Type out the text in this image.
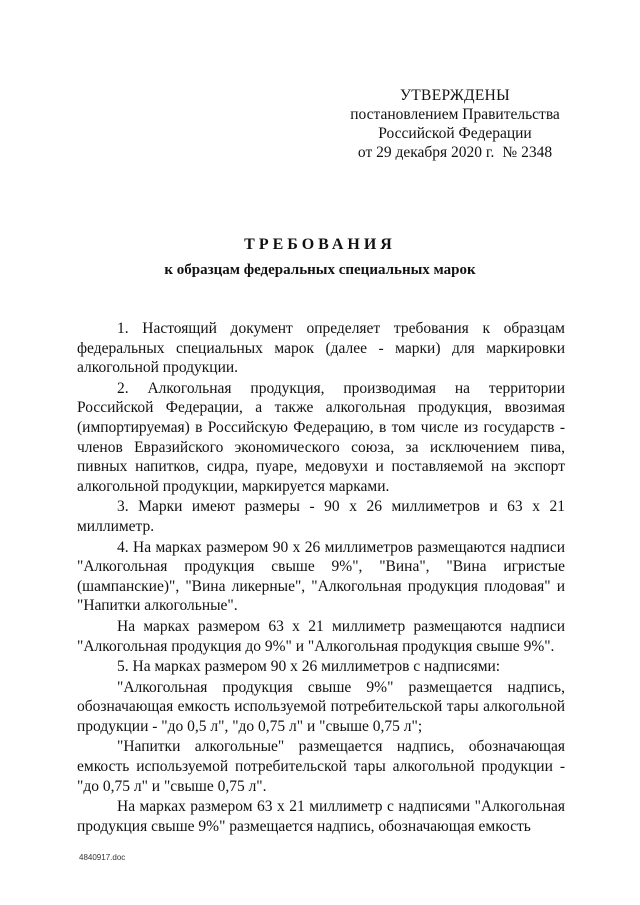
УТВЕРЖДЕНЫ
постановлением Правительства
Российской Федерации
от 29 декабря 2020 г. № 2348
ТРЕБОВАНИЯ
к образцам федеральных специальных марок

1. Настоящий документ определяет требования к образцам федеральных специальных марок (далее - марки) для маркировки алкогольной продукции.

2. Алкогольная продукция, производимая на территории Российской Федерации, а также алкогольная продукция, ввозимая (импортируемая) в Российскую Федерацию, в том числе из государств - членов Евразийского экономического союза, за исключением пива, пивных напитков, сидра, пуаре, медовухи и поставляемой на экспорт алкогольной продукции, маркируется марками.

3. Марки имеют размеры - 90 х 26 миллиметров и 63 х 21 миллиметр.

4. На марках размером 90 х 26 миллиметров размещаются надписи "Алкогольная продукция свыше 9%", "Вина", "Вина игристые (шампанские)", "Вина ликерные", "Алкогольная продукция плодовая" и "Напитки алкогольные".

На марках размером 63 х 21 миллиметр размещаются надписи "Алкогольная продукция до 9%" и "Алкогольная продукция свыше 9%".

5. На марках размером 90 х 26 миллиметров с надписями:

"Алкогольная продукция свыше 9%" размещается надпись, обозначающая емкость используемой потребительской тары алкогольной продукции - "до 0,5 л", "до 0,75 л" и "свыше 0,75 л";

"Напитки алкогольные" размещается надпись, обозначающая емкость используемой потребительской тары алкогольной продукции - "до 0,75 л" и "свыше 0,75 л".

На марках размером 63 х 21 миллиметр с надписями "Алкогольная продукция свыше 9%" размещается надпись, обозначающая емкость

4840917.doc
